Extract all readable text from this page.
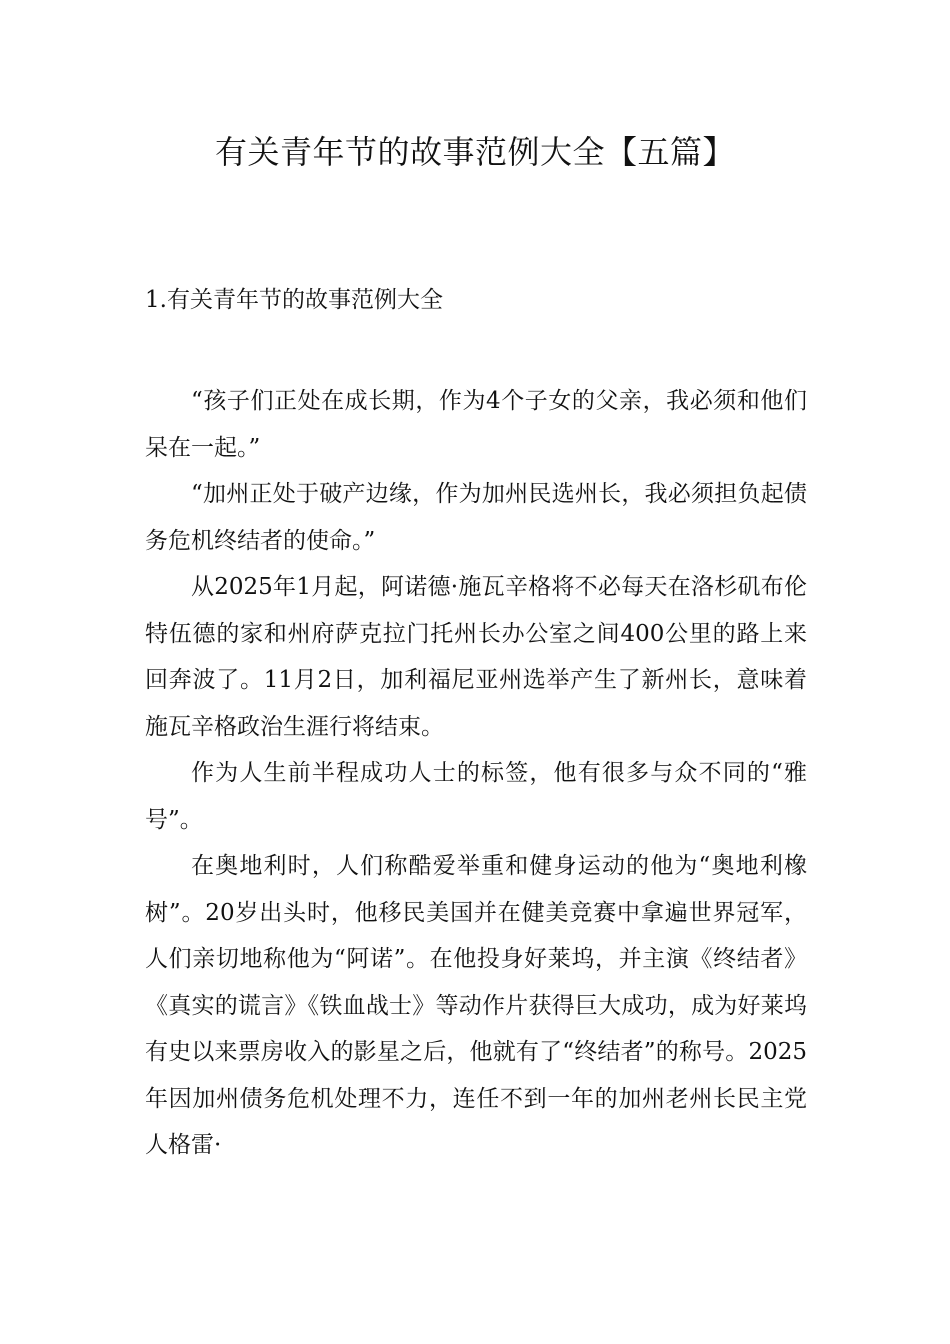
有关青年节的故事范例大全【五篇】
1.有关青年节的故事范例大全

“孩子们正处在成长期，作为4个子女的父亲，我必须和他们呆在一起。”

“加州正处于破产边缘，作为加州民选州长，我必须担负起债务危机终结者的使命。”

从2025年1月起，阿诺德·施瓦辛格将不必每天在洛杉矶布伦特伍德的家和州府萨克拉门托州长办公室之间400公里的路上来回奔波了。11月2日，加利福尼亚州选举产生了新州长，意味着施瓦辛格政治生涯行将结束。

作为人生前半程成功人士的标签，他有很多与众不同的“雅号”。

在奥地利时，人们称酷爱举重和健身运动的他为“奥地利橡树”。20岁出头时，他移民美国并在健美竞赛中拿遍世界冠军，人们亲切地称他为“阿诺”。在他投身好莱坞，并主演《终结者》《真实的谎言》《铁血战士》等动作片获得巨大成功，成为好莱坞有史以来票房收入的影星之后，他就有了“终结者”的称号。2025年因加州债务危机处理不力，连任不到一年的加州老州长民主党人格雷·
